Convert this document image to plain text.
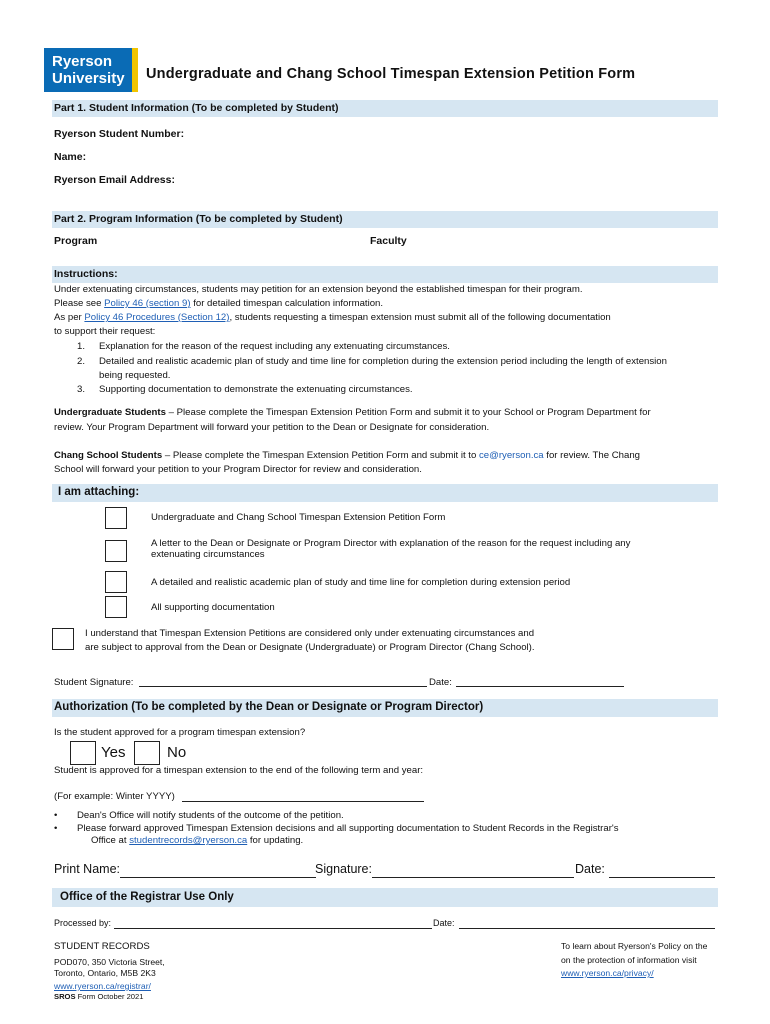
Ryerson
University	Undergraduate and Chang School Timespan Extension Petition Form
Part 1. Student Information (To be completed by Student)
Ryerson Student Number:
Name:
Ryerson Email Address:
Part 2. Program Information (To be completed by Student)
Program	Faculty
Instructions:
Under extenuating circumstances, students may petition for an extension beyond the established timespan for their program.
Please see Policy 46 (section 9) for detailed timespan calculation information.
As per Policy 46 Procedures (Section 12), students requesting a timespan extension must submit all of the following documentation
to support their request:
1. Explanation for the reason of the request including any extenuating circumstances.
2. Detailed and realistic academic plan of study and time line for completion during the extension period including the length of extension
being requested.
3. Supporting documentation to demonstrate the extenuating circumstances.
Undergraduate Students – Please complete the Timespan Extension Petition Form and submit it to your School or Program Department for
review. Your Program Department will forward your petition to the Dean or Designate for consideration.
Chang School Students – Please complete the Timespan Extension Petition Form and submit it to ce@ryerson.ca for review. The Chang
School will forward your petition to your Program Director for review and consideration.
I am attaching:
Undergraduate and Chang School Timespan Extension Petition Form
A letter to the Dean or Designate or Program Director with explanation of the reason for the request including any
extenuating circumstances
A detailed and realistic academic plan of study and time line for completion during extension period
All supporting documentation
I understand that Timespan Extension Petitions are considered only under extenuating circumstances and
are subject to approval from the Dean or Designate (Undergraduate) or Program Director (Chang School).
Student Signature:	Date:
Authorization (To be completed by the Dean or Designate or Program Director)
Is the student approved for a program timespan extension?
Yes	No
Student is approved for a timespan extension to the end of the following term and year:
(For example: Winter YYYY)
• Dean's Office will notify students of the outcome of the petition.
• Please forward approved Timespan Extension decisions and all supporting documentation to Student Records in the Registrar's
Office at studentrecords@ryerson.ca for updating.
Print Name:	Signature:	Date:
Office of the Registrar Use Only
Processed by:	Date:
STUDENT RECORDS
POD070, 350 Victoria Street,
Toronto, Ontario, M5B 2K3
www.ryerson.ca/registrar/
SROS Form October 2021
To learn about Ryerson's Policy on the
on the protection of information visit
www.ryerson.ca/privacy/
